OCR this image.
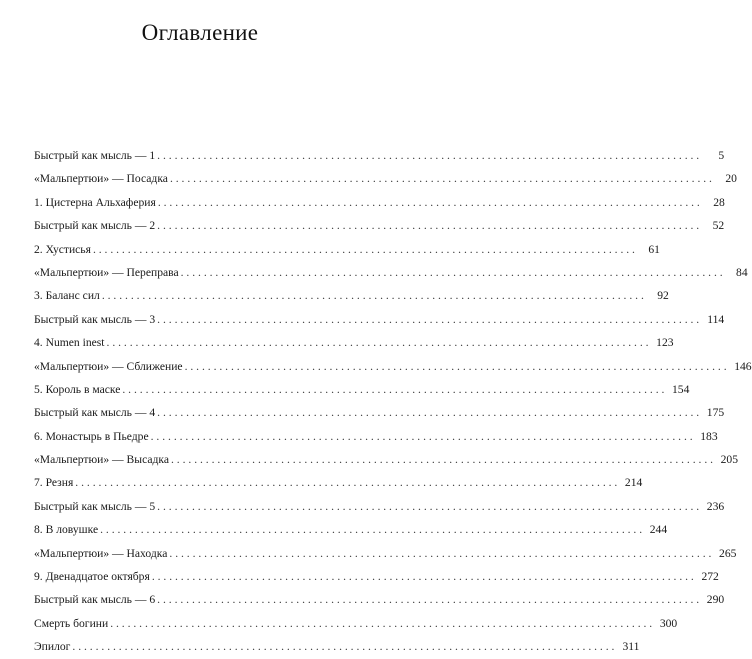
Оглавление
Быстрый как мысль — 1 . . .	5
«Мальпертюи» — Посадка . . .	20
1. Цистерна Альхаферия . . .	28
Быстрый как мысль — 2 . . .	52
2. Хустисья . . .	61
«Мальпертюи» — Переправа . . .	84
3. Баланс сил . . .	92
Быстрый как мысль — 3 . . .	114
4. Numen inest . . .	123
«Мальпертюи» — Сближение . . .	146
5. Король в маске . . .	154
Быстрый как мысль — 4 . . .	175
6. Монастырь в Пьедре . . .	183
«Мальпертюи» — Высадка . . .	205
7. Резня . . .	214
Быстрый как мысль — 5 . . .	236
8. В ловушке . . .	244
«Мальпертюи» — Находка . . .	265
9. Двенадцатое октября . . .	272
Быстрый как мысль — 6 . . .	290
Смерть богини . . .	300
Эпилог . . .	311
